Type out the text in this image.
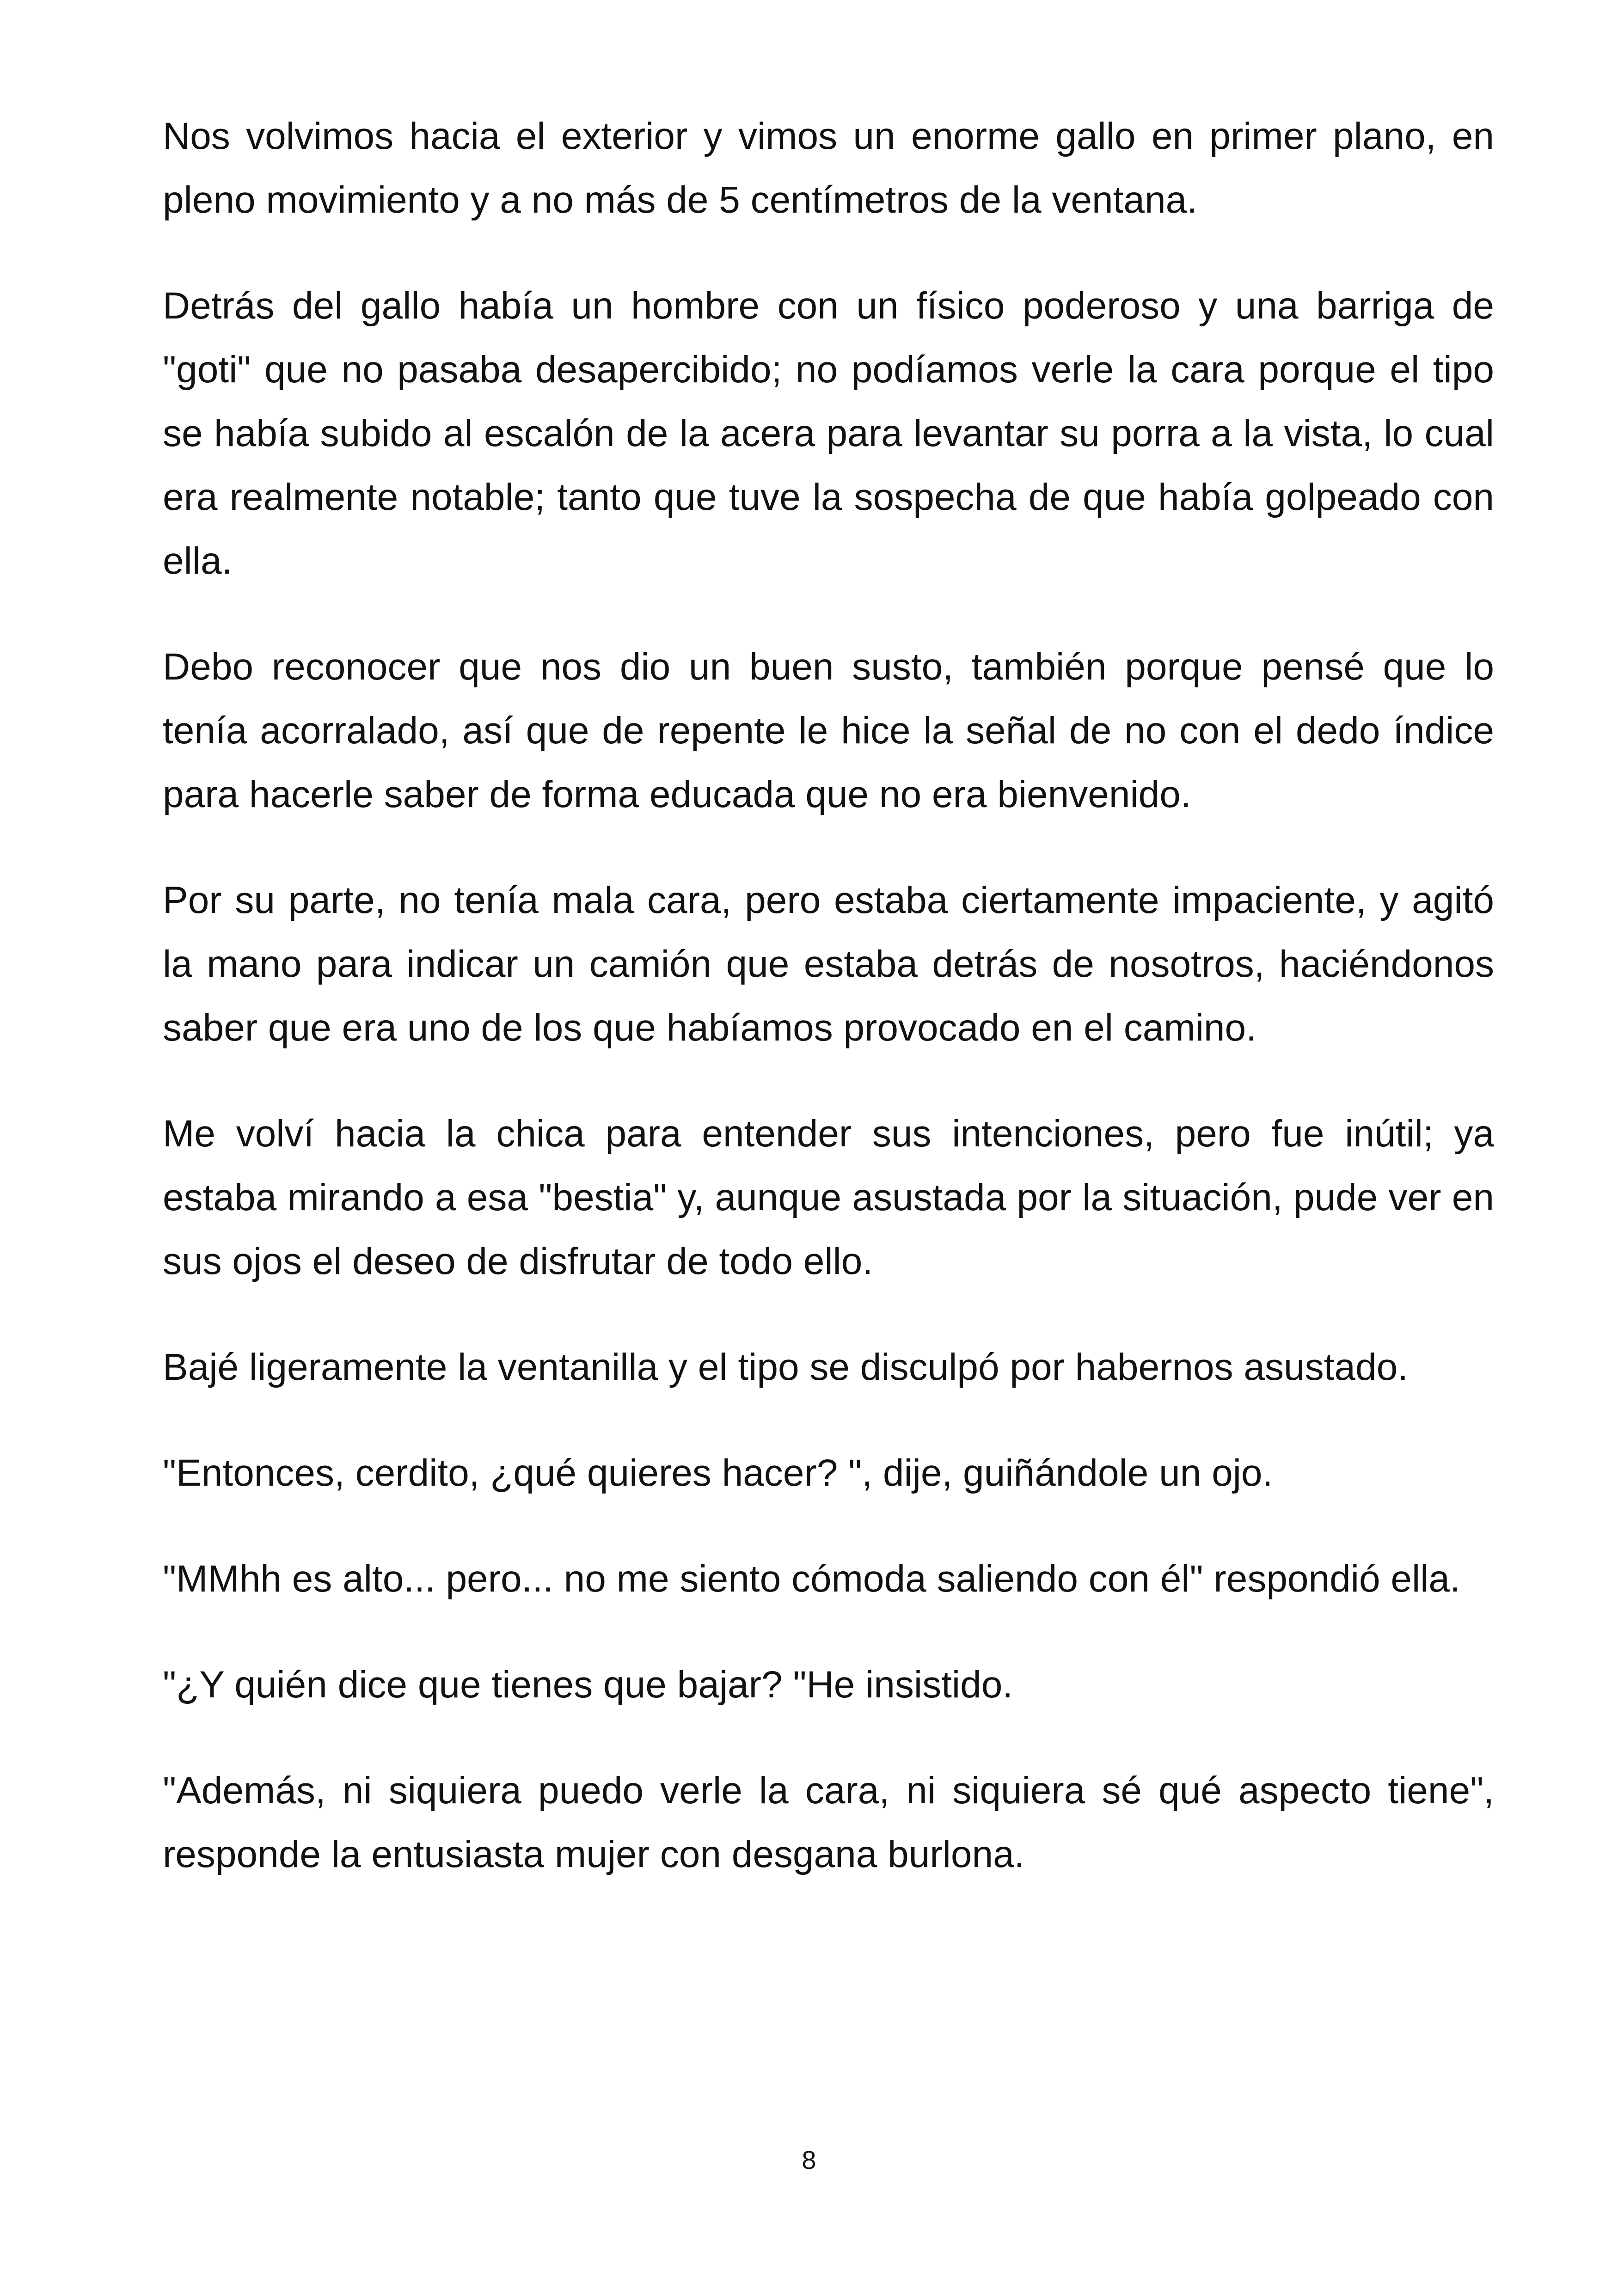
Nos volvimos hacia el exterior y vimos un enorme gallo en primer plano, en pleno movimiento y a no más de 5 centímetros de la ventana.

Detrás del gallo había un hombre con un físico poderoso y una barriga de "goti" que no pasaba desapercibido; no podíamos verle la cara porque el tipo se había subido al escalón de la acera para levantar su porra a la vista, lo cual era realmente notable; tanto que tuve la sospecha de que había golpeado con ella.

Debo reconocer que nos dio un buen susto, también porque pensé que lo tenía acorralado, así que de repente le hice la señal de no con el dedo índice para hacerle saber de forma educada que no era bienvenido.

Por su parte, no tenía mala cara, pero estaba ciertamente impaciente, y agitó la mano para indicar un camión que estaba detrás de nosotros, haciéndonos saber que era uno de los que habíamos provocado en el camino.

Me volví hacia la chica para entender sus intenciones, pero fue inútil; ya estaba mirando a esa "bestia" y, aunque asustada por la situación, pude ver en sus ojos el deseo de disfrutar de todo ello.

Bajé ligeramente la ventanilla y el tipo se disculpó por habernos asustado.

"Entonces, cerdito, ¿qué quieres hacer? ", dije, guiñándole un ojo.

"MMhh es alto... pero... no me siento cómoda saliendo con él" respondió ella.

"¿Y quién dice que tienes que bajar? "He insistido.

"Además, ni siquiera puedo verle la cara, ni siquiera sé qué aspecto tiene", responde la entusiasta mujer con desgana burlona.

8
